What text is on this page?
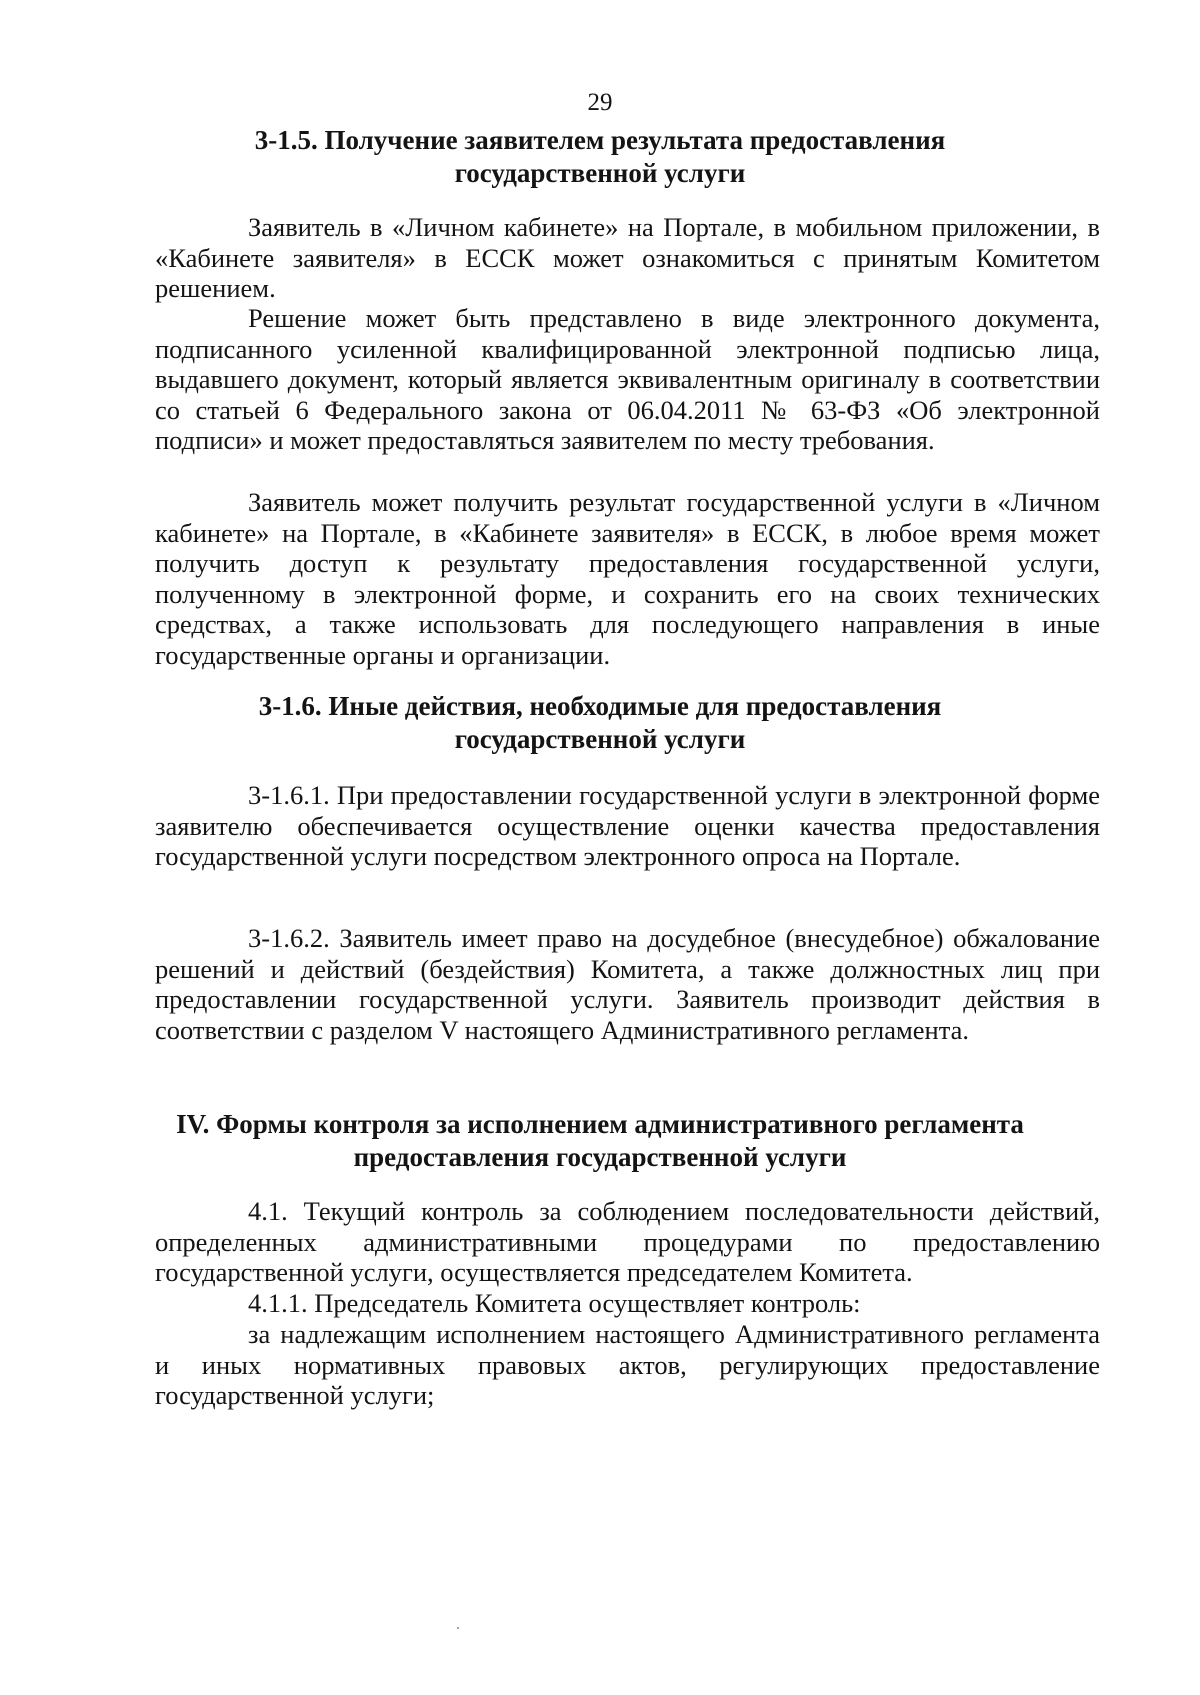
29
3-1.5. Получение заявителем результата предоставления
государственной услуги

Заявитель в «Личном кабинете» на Портале, в мобильном приложении, в «Кабинете заявителя» в ЕССК может ознакомиться с принятым Комитетом решением.

Решение может быть представлено в виде электронного документа, подписанного усиленной квалифицированной электронной подписью лица, выдавшего документ, который является эквивалентным оригиналу в соответствии со статьей 6 Федерального закона от 06.04.2011 № 63-ФЗ «Об электронной подписи» и может предоставляться заявителем по месту требования.

Заявитель может получить результат государственной услуги в «Личном кабинете» на Портале, в «Кабинете заявителя» в ЕССК, в любое время может получить доступ к результату предоставления государственной услуги, полученному в электронной форме, и сохранить его на своих технических средствах, а также использовать для последующего направления в иные государственные органы и организации.

3-1.6. Иные действия, необходимые для предоставления
государственной услуги

3-1.6.1. При предоставлении государственной услуги в электронной форме заявителю обеспечивается осуществление оценки качества предоставления государственной услуги посредством электронного опроса на Портале.

3-1.6.2. Заявитель имеет право на досудебное (внесудебное) обжалование решений и действий (бездействия) Комитета, а также должностных лиц при предоставлении государственной услуги. Заявитель производит действия в соответствии с разделом V настоящего Административного регламента.

IV. Формы контроля за исполнением административного регламента
предоставления государственной услуги

4.1. Текущий контроль за соблюдением последовательности действий, определенных административными процедурами по предоставлению государственной услуги, осуществляется председателем Комитета.

4.1.1. Председатель Комитета осуществляет контроль:

за надлежащим исполнением настоящего Административного регламента и иных нормативных правовых актов, регулирующих предоставление государственной услуги;
